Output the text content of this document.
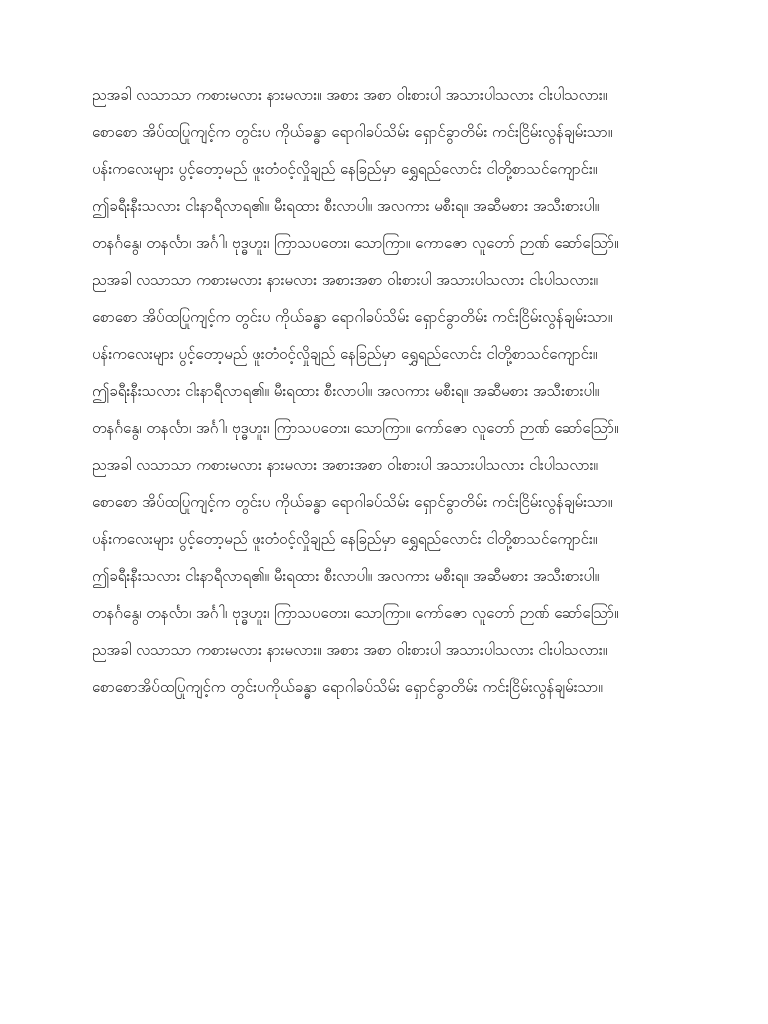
ညအခါ လသာသာ ကစားမလား နားမလား။ အစား အစာ ဝါးစားပါ အသားပါသလား ငါးပါသလား။

စောစော အိပ်ထပြုကျင့်က တွင်းပ ကိုယ်ခန္ဓာ ရောဂါခပ်သိမ်း ရှောင်ခွာတိမ်း ကင်းငြိမ်းလွန်ချမ်းသာ။

ပန်းကလေးများ ပွင့်တော့မည် ဖူးတံဝင့်လှိုချည် နေခြည်မှာ ရွှေရည်လောင်း ငါတို့စာသင်ကျောင်း။

ဤခရီးနီးသလား ငါးနာရီလာရ၏။ မီးရထား စီးလာပါ။ အလကား မစီးရ။ အဆီမစား အသီးစားပါ။

တနင်္ဂနွေ၊ တနင်္လာ၊ အင်္ဂါ၊ ဗုဒ္ဓဟူး၊ ကြာသပတေး၊ သောကြာ။ ကောဇော လူတော် ဉာဏ် ဆော်သြော်။

ညအခါ လသာသာ ကစားမလား နားမလား အစားအစာ ဝါးစားပါ အသားပါသလား ငါးပါသလား။

စောစော အိပ်ထပြုကျင့်က တွင်းပ ကိုယ်ခန္ဓာ ရောဂါခပ်သိမ်း ရှောင်ခွာတိမ်း ကင်းငြိမ်းလွန်ချမ်းသာ။

ပန်းကလေးများ ပွင့်တော့မည် ဖူးတံဝင့်လှိုချည် နေခြည်မှာ ရွှေရည်လောင်း ငါတို့စာသင်ကျောင်း။

ဤခရီးနီးသလား ငါးနာရီလာရ၏။ မီးရထား စီးလာပါ။ အလကား မစီးရ။ အဆီမစား အသီးစားပါ။

တနင်္ဂနွေ၊ တနင်္လာ၊ အင်္ဂါ၊ ဗုဒ္ဓဟူး၊ ကြာသပတေး၊ သောကြာ။ ကော်ဇော လူတော် ဉာဏ် ဆော်သြော်။

ညအခါ လသာသာ ကစားမလား နားမလား အစားအစာ ဝါးစားပါ အသားပါသလား ငါးပါသလား။

စောစော အိပ်ထပြုကျင့်က တွင်းပ ကိုယ်ခန္ဓာ ရောဂါခပ်သိမ်း ရှောင်ခွာတိမ်း ကင်းငြိမ်းလွန်ချမ်းသာ။

ပန်းကလေးများ ပွင့်တော့မည် ဖူးတံဝင့်လှိုချည် နေခြည်မှာ ရွှေရည်လောင်း ငါတို့စာသင်ကျောင်း။

ဤခရီးနီးသလား ငါးနာရီလာရ၏။ မီးရထား စီးလာပါ။ အလကား မစီးရ။ အဆီမစား အသီးစားပါ။

တနင်္ဂနွေ၊ တနင်္လာ၊ အင်္ဂါ၊ ဗုဒ္ဓဟူး၊ ကြာသပတေး၊ သောကြာ။ ကော်ဇော လူတော် ဉာဏ် ဆော်သြော်။

ညအခါ လသာသာ ကစားမလား နားမလား။ အစား အစာ ဝါးစားပါ အသားပါသလား ငါးပါသလား။

စောစောအိပ်ထပြုကျင့်က တွင်းပကိုယ်ခန္ဓာ ရောဂါခပ်သိမ်း ရှောင်ခွာတိမ်း ကင်းငြိမ်းလွန်ချမ်းသာ။
